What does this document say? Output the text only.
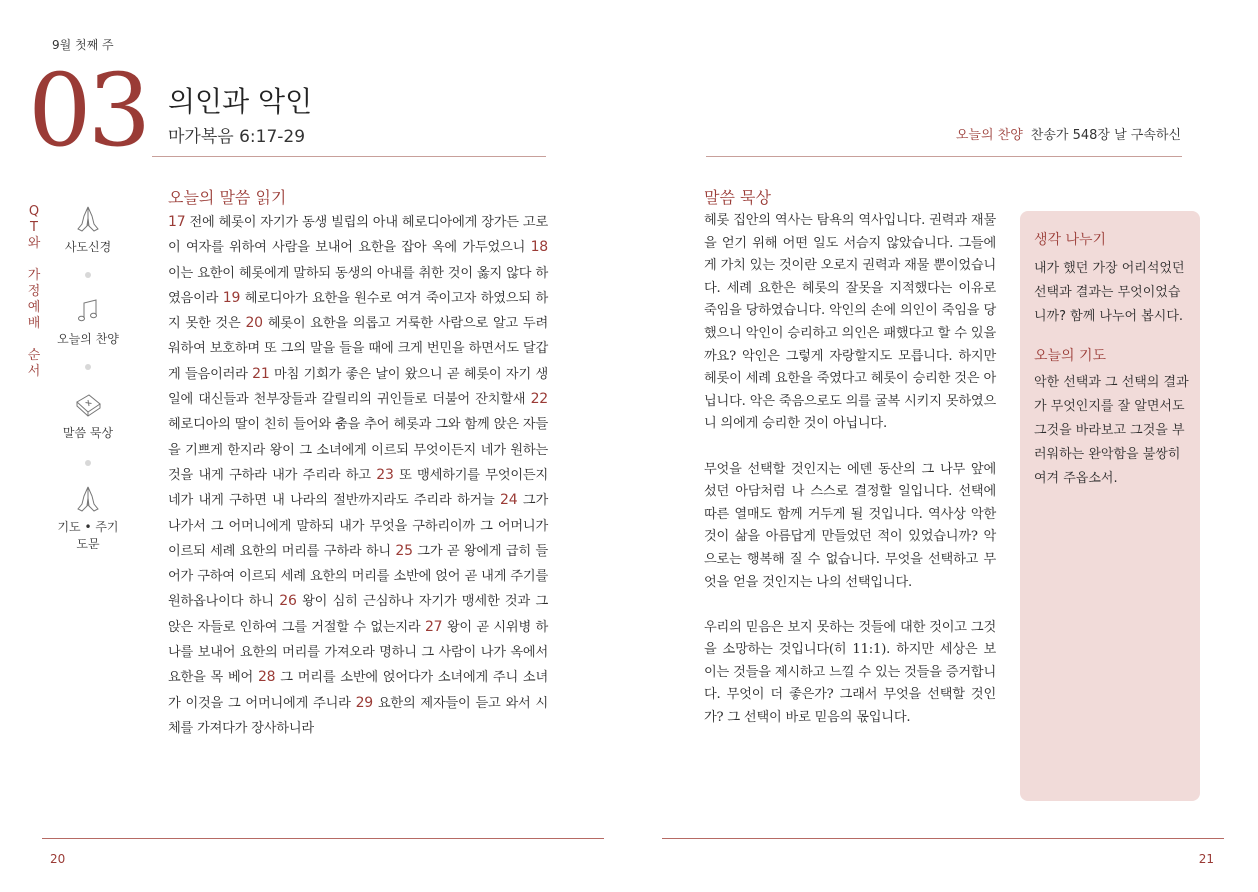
9월 첫째 주
03 의인과 악인
마가복음 6:17-29	오늘의 찬양 찬송가 548장 날 구속하신
Q
T
와
가
정
예
배
순
서
사도신경
오늘의 찬양
말씀 묵상
기도 • 주기도문
오늘의 말씀 읽기
17 전에 헤롯이 자기가 동생 빌립의 아내 헤로디아에게 장가든 고로 이 여자를 위하여 사람을 보내어 요한을 잡아 옥에 가두었으니 18 이는 요한이 헤롯에게 말하되 동생의 아내를 취한 것이 옳지 않다 하였음이라 19 헤로디아가 요한을 원수로 여겨 죽이고자 하였으되 하지 못한 것은 20 헤롯이 요한을 의롭고 거룩한 사람으로 알고 두려워하여 보호하며 또 그의 말을 들을 때에 크게 번민을 하면서도 달갑게 들음이러라 21 마침 기회가 좋은 날이 왔으니 곧 헤롯이 자기 생일에 대신들과 천부장들과 갈릴리의 귀인들로 더불어 잔치할새 22 헤로디아의 딸이 친히 들어와 춤을 추어 헤롯과 그와 함께 앉은 자들을 기쁘게 한지라 왕이 그 소녀에게 이르되 무엇이든지 네가 원하는 것을 내게 구하라 내가 주리라 하고 23 또 맹세하기를 무엇이든지 네가 내게 구하면 내 나라의 절반까지라도 주리라 하거늘 24 그가 나가서 그 어머니에게 말하되 내가 무엇을 구하리이까 그 어머니가 이르되 세례 요한의 머리를 구하라 하니 25 그가 곧 왕에게 급히 들어가 구하여 이르되 세례 요한의 머리를 소반에 얹어 곧 내게 주기를 원하옵나이다 하니 26 왕이 심히 근심하나 자기가 맹세한 것과 그 앉은 자들로 인하여 그를 거절할 수 없는지라 27 왕이 곧 시위병 하나를 보내어 요한의 머리를 가져오라 명하니 그 사람이 나가 옥에서 요한을 목 베어 28 그 머리를 소반에 얹어다가 소녀에게 주니 소녀가 이것을 그 어머니에게 주니라 29 요한의 제자들이 듣고 와서 시체를 가져다가 장사하니라
말씀 묵상

헤롯 집안의 역사는 탐욕의 역사입니다. 권력과 재물을 얻기 위해 어떤 일도 서슴지 않았습니다. 그들에게 가치 있는 것이란 오로지 권력과 재물 뿐이었습니다. 세례 요한은 헤롯의 잘못을 지적했다는 이유로 죽임을 당하였습니다. 악인의 손에 의인이 죽임을 당했으니 악인이 승리하고 의인은 패했다고 할 수 있을까요? 악인은 그렇게 자랑할지도 모릅니다. 하지만 헤롯이 세례 요한을 죽였다고 헤롯이 승리한 것은 아닙니다. 악은 죽음으로도 의를 굴복 시키지 못하였으니 의에게 승리한 것이 아닙니다.

무엇을 선택할 것인지는 에덴 동산의 그 나무 앞에 섰던 아담처럼 나 스스로 결정할 일입니다. 선택에 따른 열매도 함께 거두게 될 것입니다. 역사상 악한 것이 삶을 아름답게 만들었던 적이 있었습니까? 악으로는 행복해 질 수 없습니다. 무엇을 선택하고 무엇을 얻을 것인지는 나의 선택입니다.

우리의 믿음은 보지 못하는 것들에 대한 것이고 그것을 소망하는 것입니다(히 11:1). 하지만 세상은 보이는 것들을 제시하고 느낄 수 있는 것들을 증거합니다. 무엇이 더 좋은가? 그래서 무엇을 선택할 것인가? 그 선택이 바로 믿음의 몫입니다.

생각 나누기
내가 했던 가장 어리석었던 선택과 결과는 무엇이었습니까? 함께 나누어 봅시다.
오늘의 기도
악한 선택과 그 선택의 결과가 무엇인지를 잘 알면서도 그것을 바라보고 그것을 부러워하는 완악함을 불쌍히 여겨 주옵소서.
20	21
